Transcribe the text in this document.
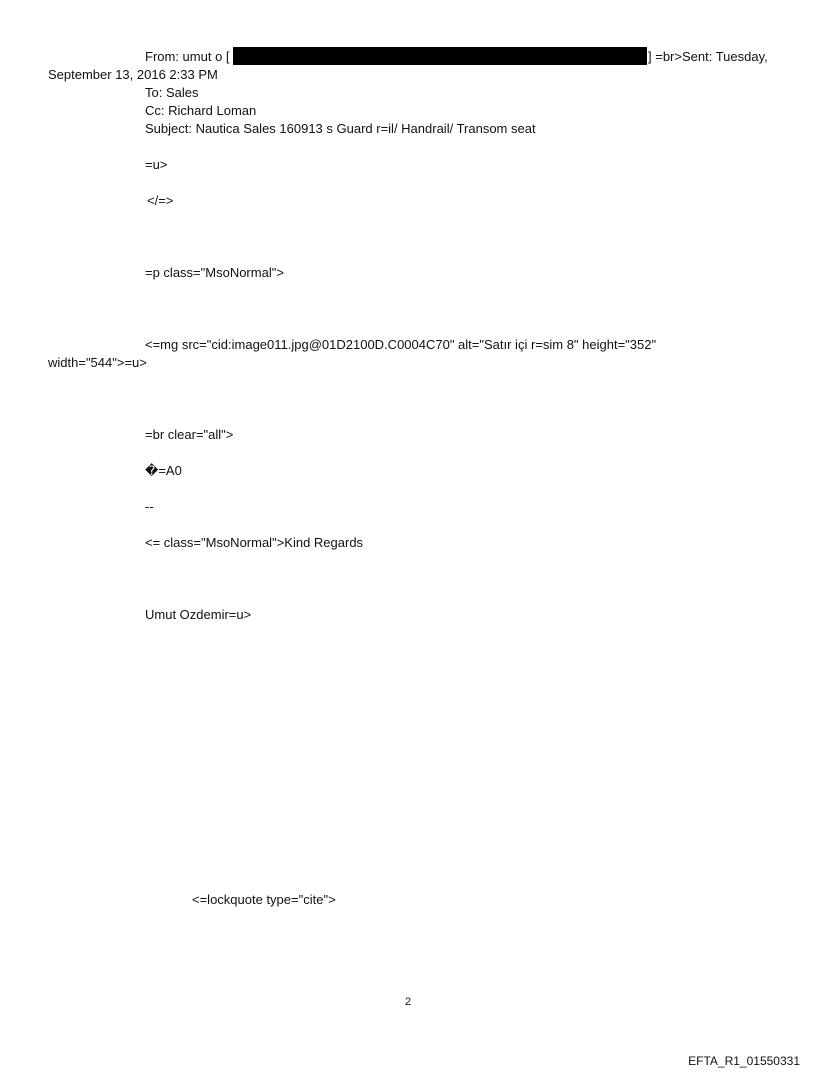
From: umut o [	] =br>Sent: Tuesday,
September 13, 2016 2:33 PM
To: Sales
Cc: Richard Loman
Subject: Nautica Sales 160913 s Guard r=il/ Handrail/ Transom seat
=u>
</=>
=p class="MsoNormal">
<=mg src="cid:image011.jpg@01D2100D.C0004C70" alt="Satır içi r=sim 8" height="352"
width="544">=u>
=br clear="all">
�=A0
--
<= class="MsoNormal">Kind Regards
Umut Ozdemir=u>
<=lockquote type="cite">
2
EFTA_R1_01550331
